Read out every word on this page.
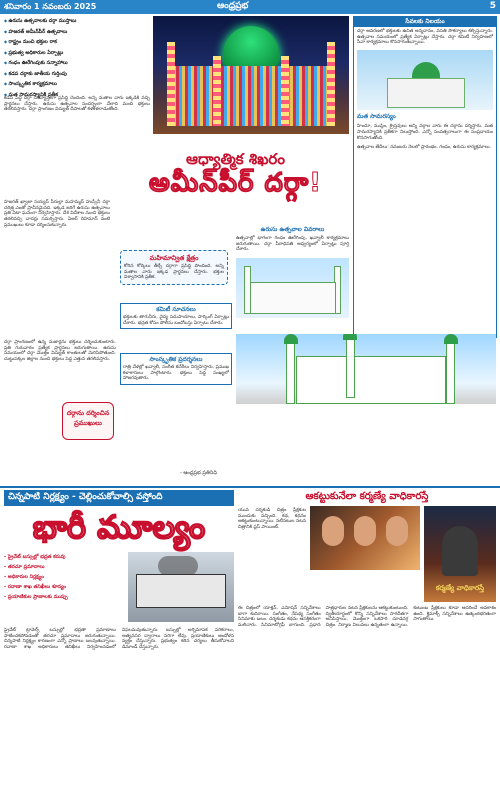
శనివారం 1 నవంబరు 2025	ఆంధ్రప్రభ	5
◆ ఉరుసు ఉత్సవాలకు దర్గా ముస్తాబు
◆ హజరత్ అమీన్‌పీర్ ఉత్సవాలు
◆ రాష్ట్రం నుంచి భక్తుల రాక
◆ ప్రభుత్వ అధికారుల ఏర్పాట్లు
◆ గంధం ఊరేగింపుకు సన్నాహాలు
◆ కడప దర్గాకు జాతీయ గుర్తింపు
◆ సాంస్కృతిక కార్యక్రమాలు
◆ మత సామరస్యానికి ప్రతీక
కడప పెద్ద దర్గా దేశవ్యాప్తంగా ప్రసిద్ధి చెందింది. అన్ని మతాల వారు ఇక్కడికి వచ్చి ప్రార్థనలు చేస్తారు. ఉరుసు ఉత్సవాల సందర్భంగా వేలాది మంది భక్తులు తరలివస్తారు. దర్గా ప్రాంగణం విద్యుత్ దీపాలతో కళకళలాడుతోంది.
సేవలకు నిలయం
దర్గా ఆవరణలో భక్తులకు ఉచిత అన్నదానం, వసతి సౌకర్యాలు కల్పిస్తున్నారు. ఉత్సవాల సమయంలో ప్రత్యేక ఏర్పాట్లు చేస్తారు. దర్గా కమిటీ నిర్వహణలో సేవా కార్యక్రమాలు కొనసాగుతున్నాయి.
మత సామరస్యం
హిందూ, ముస్లిం, క్రైస్తవులు అన్ని వర్గాల వారు ఈ దర్గాను దర్శిస్తారు. మత సామరస్యానికి ప్రతీకగా నిలుస్తోంది. ఎన్నో సంవత్సరాలుగా ఈ సంప్రదాయం కొనసాగుతోంది.
ఉత్సవాల తేదీలు: నవంబరు నెలలో ప్రారంభం. గంధం, ఉరుసు కార్యక్రమాలు.
ఆధ్యాత్మిక శిఖరం
అమీన్‌పీర్ దర్గా!
హజరత్ ఖ్వాజా సయ్యద్ పీరుల్లా మహమ్మద్ హుస్సేనీ దర్గా చరిత్ర ఎంతో ప్రాచీనమైనది. ఇక్కడ జరిగే ఉరుసు ఉత్సవాలు ప్రతి ఏటా ఘనంగా నిర్వహిస్తారు. దేశ విదేశాల నుంచి భక్తులు తరలివచ్చి చాదర్లు సమర్పిస్తారు. ఏఆర్ రెహమాన్ వంటి ప్రముఖులు కూడా దర్శించుకున్నారు.
మహిమాన్విత క్షేత్రం
కోరిన కోర్కెలు తీర్చే దర్గాగా ప్రసిద్ధి పొందింది. అన్ని మతాల వారు ఇక్కడ ప్రార్థనలు చేస్తారు. భక్తుల విశ్వాసానికి ప్రతీక.
ఉరుసు ఉత్సవాల వివరాలు
ఉత్సవాల్లో భాగంగా గంధం ఊరేగింపు, ఖవ్వాలీ కార్యక్రమాలు జరుగుతాయి. దర్గా పీఠాధిపతి ఆధ్వర్యంలో ఏర్పాట్లు పూర్తి చేశారు.
కమిటీ సూచనలు
భక్తులకు తాగునీరు, వైద్య సదుపాయాలు, పార్కింగ్ ఏర్పాట్లు చేశారు. భద్రత కోసం పోలీసు బందోబస్తు ఏర్పాటు చేశారు.
దర్గా ప్రాంగణంలో ఉన్న మజార్లను భక్తులు దర్శించుకుంటారు. ప్రతి గురువారం ప్రత్యేక ప్రార్థనలు జరుగుతాయి. ఉరుసు సమయంలో దర్గా మొత్తం విద్యుత్ కాంతులతో మెరిసిపోతుంది. చుట్టుపక్కల జిల్లాల నుంచి భక్తులు పెద్ద ఎత్తున తరలివస్తారు.
దర్గాను దర్శించిన ప్రముఖులు
సాంస్కృతిక ప్రదర్శనలు
రాత్రి వేళల్లో ఖవ్వాలీ, సంగీత కచేరీలు నిర్వహిస్తారు. ప్రముఖ కళాకారులు పాల్గొంటారు. భక్తులు పెద్ద సంఖ్యలో హాజరవుతారు.
- ఆంధ్రప్రభ ప్రతినిధి
చిన్నపాటి నిర్లక్ష్యం - చెల్లించుకోవాల్సి వస్తోంది
భారీ మూల్యం
- ప్రైవేట్ బస్సుల్లో భద్రత కరువు
- తరచూ ప్రమాదాలు
- అధికారుల నిర్లక్ష్యం
- రవాణా శాఖ తనిఖీలు శూన్యం
- ప్రయాణికుల ప్రాణాలకు ముప్పు
ప్రైవేట్ ట్రావెల్స్ బస్సుల్లో భద్రతా ప్రమాణాలు పాటించకపోవడంతో తరచూ ప్రమాదాలు జరుగుతున్నాయి. చిన్నపాటి నిర్లక్ష్యం కారణంగా ఎన్నో ప్రాణాలు బలవుతున్నాయి. రవాణా శాఖ అధికారులు తనిఖీలు నిర్వహించడంలో విఫలమవుతున్నారు. బస్సుల్లో అగ్నిమాపక పరికరాలు, అత్యవసర ద్వారాలు సరిగా లేవు. ప్రయాణికులు ఆందోళన వ్యక్తం చేస్తున్నారు. ప్రభుత్వం కఠిన చర్యలు తీసుకోవాలని డిమాండ్ చేస్తున్నారు.
ఆకట్టుకునేలా కర్మణ్యే వాధికారస్తే
యువ దర్శకుడి చిత్రం ప్రేక్షకుల ముందుకు వచ్చింది. కథ, కథనం ఆకట్టుకుంటున్నాయి. నటీనటుల నటన చిత్రానికి ప్లస్ పాయింట్.
కర్మణ్యే వాధికారస్తే
ఈ చిత్రంలో యాక్షన్, ఎమోషన్ సన్నివేశాలు బాగా కుదిరాయి. సంగీతం, నేపథ్య సంగీతం సినిమాకు బలం. దర్శకుడు కథను ఆసక్తికరంగా మలిచారు. సినిమాటోగ్రఫీ బాగుంది. ప్రధాన పాత్రధారుల నటన ప్రేక్షకులను ఆకట్టుకుంటుంది. ద్వితీయార్ధంలో కొన్ని సన్నివేశాలు సాగదీతగా అనిపిస్తాయి. మొత్తంగా ఒకసారి చూడదగ్గ చిత్రం. నిర్మాణ విలువలు ఉన్నతంగా ఉన్నాయి. కుటుంబ ప్రేక్షకులు కూడా ఆదరించే అవకాశం ఉంది. క్లైమాక్స్ సన్నివేశాలు ఉత్కంఠభరితంగా సాగుతాయి.
